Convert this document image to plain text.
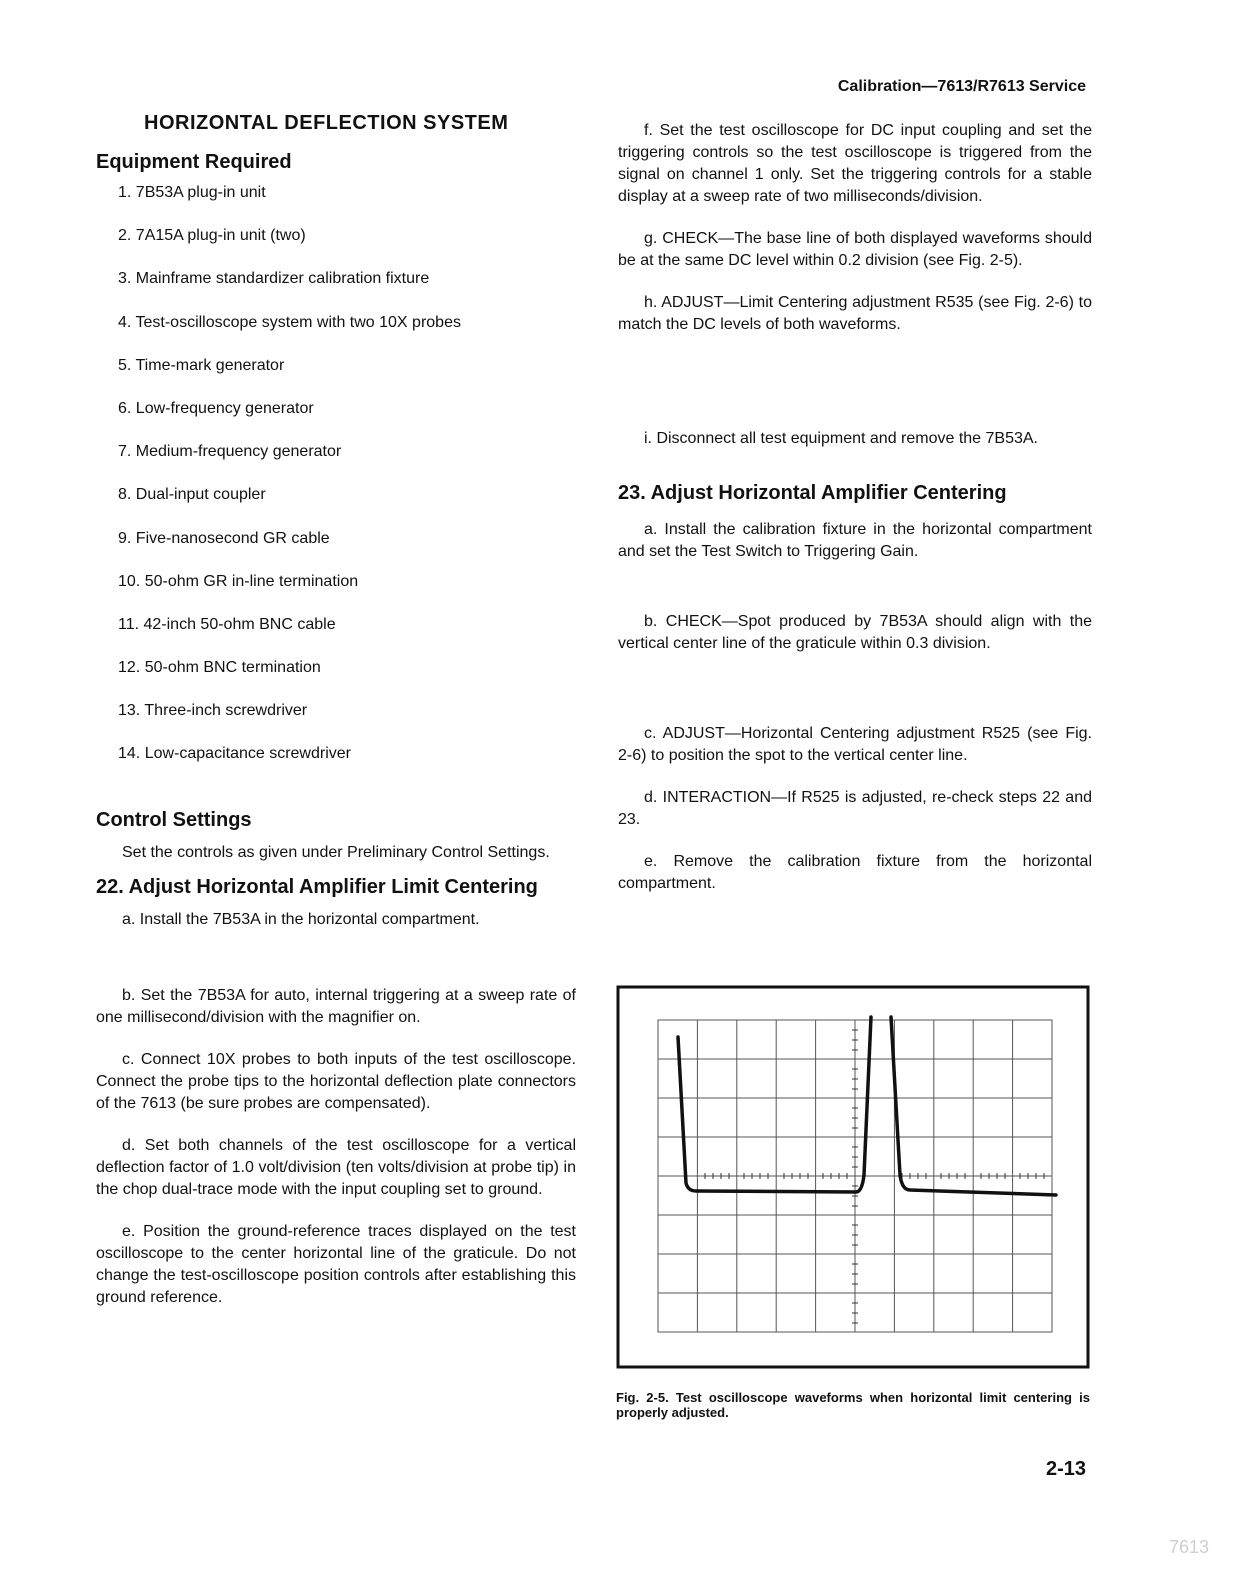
Calibration—7613/R7613 Service
HORIZONTAL DEFLECTION SYSTEM
Equipment Required
1. 7B53A plug-in unit
2. 7A15A plug-in unit (two)
3. Mainframe standardizer calibration fixture
4. Test-oscilloscope system with two 10X probes
5. Time-mark generator
6. Low-frequency generator
7. Medium-frequency generator
8. Dual-input coupler
9. Five-nanosecond GR cable
10. 50-ohm GR in-line termination
11. 42-inch 50-ohm BNC cable
12. 50-ohm BNC termination
13. Three-inch screwdriver
14. Low-capacitance screwdriver
Control Settings

Set the controls as given under Preliminary Control Settings.

22. Adjust Horizontal Amplifier Limit Centering

a. Install the 7B53A in the horizontal compartment.

b. Set the 7B53A for auto, internal triggering at a sweep rate of one millisecond/division with the magnifier on.

c. Connect 10X probes to both inputs of the test oscilloscope. Connect the probe tips to the horizontal deflection plate connectors of the 7613 (be sure probes are compensated).

d. Set both channels of the test oscilloscope for a vertical deflection factor of 1.0 volt/division (ten volts/division at probe tip) in the chop dual-trace mode with the input coupling set to ground.

e. Position the ground-reference traces displayed on the test oscilloscope to the center horizontal line of the graticule. Do not change the test-oscilloscope position controls after establishing this ground reference.

f. Set the test oscilloscope for DC input coupling and set the triggering controls so the test oscilloscope is triggered from the signal on channel 1 only. Set the triggering controls for a stable display at a sweep rate of two milliseconds/division.

g. CHECK—The base line of both displayed waveforms should be at the same DC level within 0.2 division (see Fig. 2-5).

h. ADJUST—Limit Centering adjustment R535 (see Fig. 2-6) to match the DC levels of both waveforms.

i. Disconnect all test equipment and remove the 7B53A.

23. Adjust Horizontal Amplifier Centering

a. Install the calibration fixture in the horizontal compartment and set the Test Switch to Triggering Gain.

b. CHECK—Spot produced by 7B53A should align with the vertical center line of the graticule within 0.3 division.

c. ADJUST—Horizontal Centering adjustment R525 (see Fig. 2-6) to position the spot to the vertical center line.

d. INTERACTION—If R525 is adjusted, re-check steps 22 and 23.

e. Remove the calibration fixture from the horizontal compartment.

Fig. 2-5. Test oscilloscope waveforms when horizontal limit centering is properly adjusted.
2-13
7613
